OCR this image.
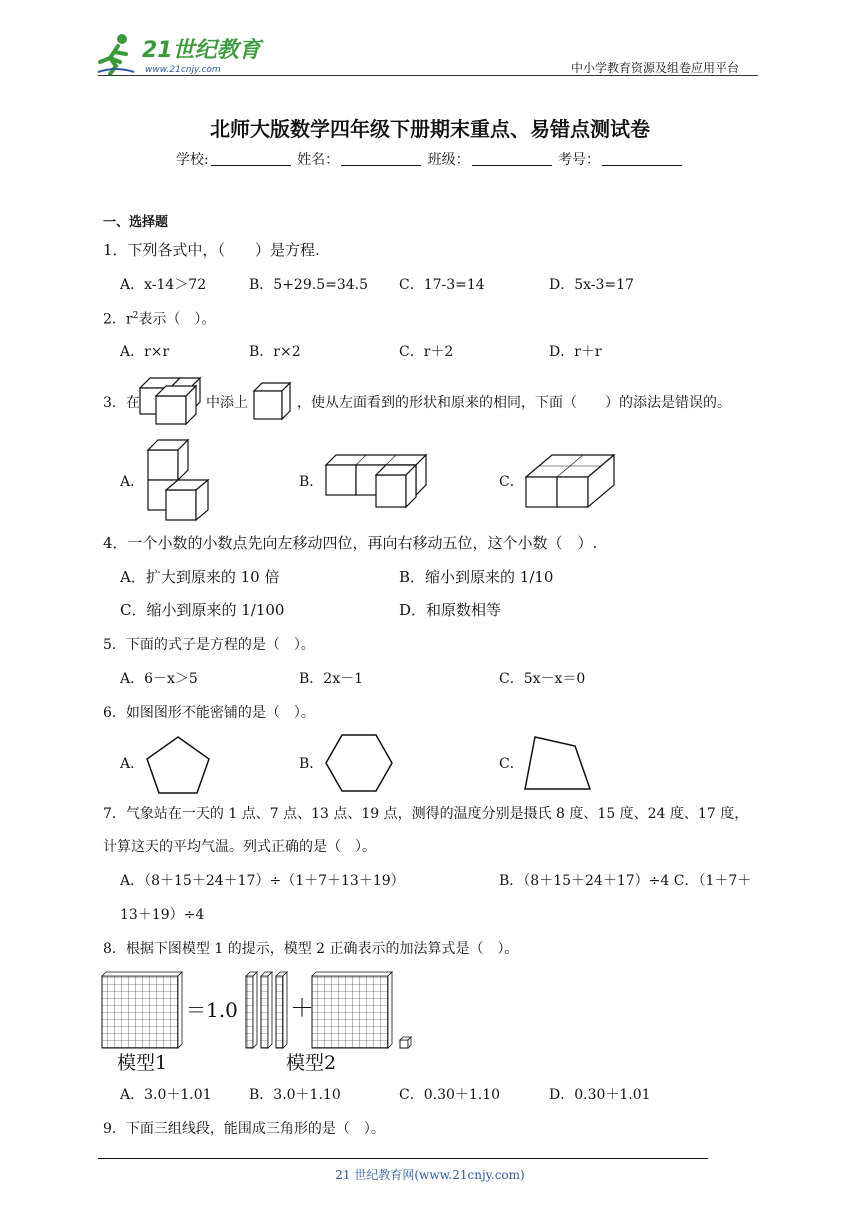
21世纪教育
www.21cnjy.com	中小学教育资源及组卷应用平台
北师大版数学四年级下册期末重点、易错点测试卷
学校:	姓名：	班级：	考号：
一、选择题
1．下列各式中，（　　）是方程.
A．x-14＞72	B．5+29.5=34.5 C．17-3=14	D．5x-3=17
2．$r^2$表示（　）。
A．r×r	B．r×2	C．r＋2	D．r＋r
3．在	中添上	，使从左面看到的形状和原来的相同，下面（　　）的添法是错误的。
A．	B．	C．
4．一个小数的小数点先向左移动四位，再向右移动五位，这个小数（　）.
A．扩大到原来的 10 倍	B．缩小到原来的 1/10
C．缩小到原来的 1/100	D．和原数相等
5．下面的式子是方程的是（　）。
A．6－x＞5	B．2x－1	C．5x－x＝0
6．如图图形不能密铺的是（　）。
A．	B．	C．
7．气象站在一天的 1 点、7 点、13 点、19 点，测得的温度分别是摄氏 8 度、15 度、24 度、17 度，
计算这天的平均气温。列式正确的是（　）。
A．（8＋15＋24＋17）÷（1＋7＋13＋19）	B．（8＋15＋24＋17）÷4 C．（1＋7＋
13＋19）÷4
8．根据下图模型 1 的提示，模型 2 正确表示的加法算式是（　）。
＝1.0 ＋
模型1	模型2
A．3.0＋1.01	B．3.0＋1.10	C．0.30＋1.10	D．0.30＋1.01
9．下面三组线段，能围成三角形的是（　）。
21 世纪教育网(www.21cnjy.com)
